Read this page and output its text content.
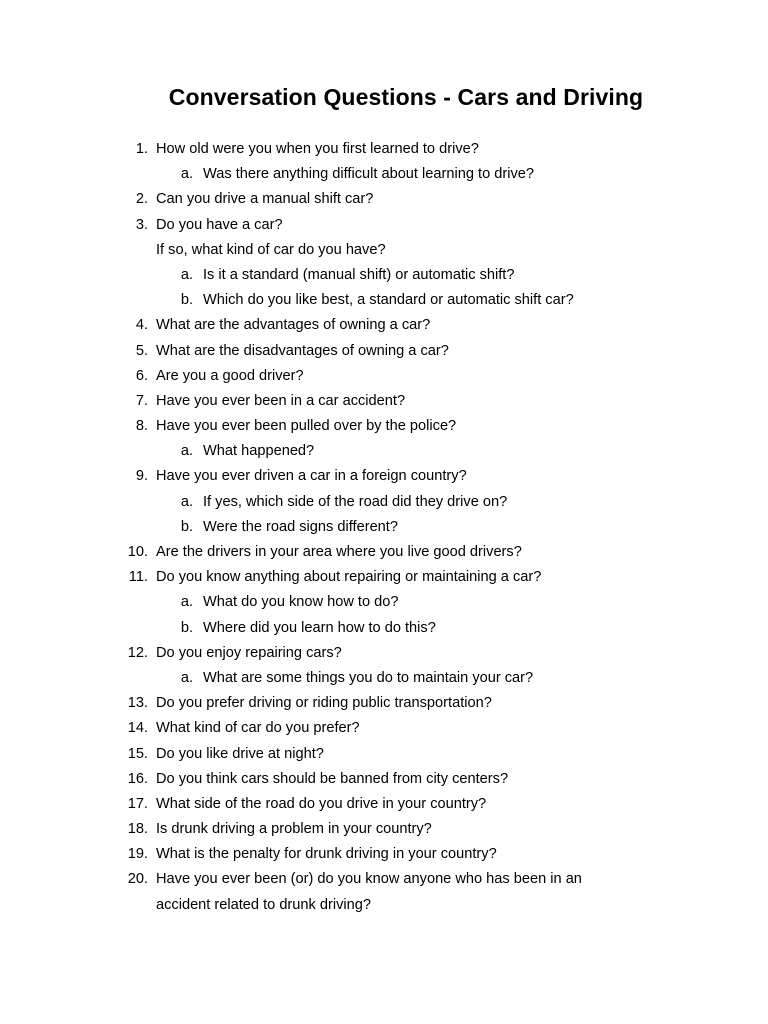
Conversation Questions - Cars and Driving
1. How old were you when you first learned to drive?
a. Was there anything difficult about learning to drive?
2. Can you drive a manual shift car?
3. Do you have a car?
If so, what kind of car do you have?
a. Is it a standard (manual shift) or automatic shift?
b. Which do you like best, a standard or automatic shift car?
4. What are the advantages of owning a car?
5. What are the disadvantages of owning a car?
6. Are you a good driver?
7. Have you ever been in a car accident?
8. Have you ever been pulled over by the police?
a. What happened?
9. Have you ever driven a car in a foreign country?
a. If yes, which side of the road did they drive on?
b. Were the road signs different?
10. Are the drivers in your area where you live good drivers?
11. Do you know anything about repairing or maintaining a car?
a. What do you know how to do?
b. Where did you learn how to do this?
12. Do you enjoy repairing cars?
a. What are some things you do to maintain your car?
13. Do you prefer driving or riding public transportation?
14. What kind of car do you prefer?
15. Do you like drive at night?
16. Do you think cars should be banned from city centers?
17. What side of the road do you drive in your country?
18. Is drunk driving a problem in your country?
19. What is the penalty for drunk driving in your country?
20. Have you ever been (or) do you know anyone who has been in an
accident related to drunk driving?
